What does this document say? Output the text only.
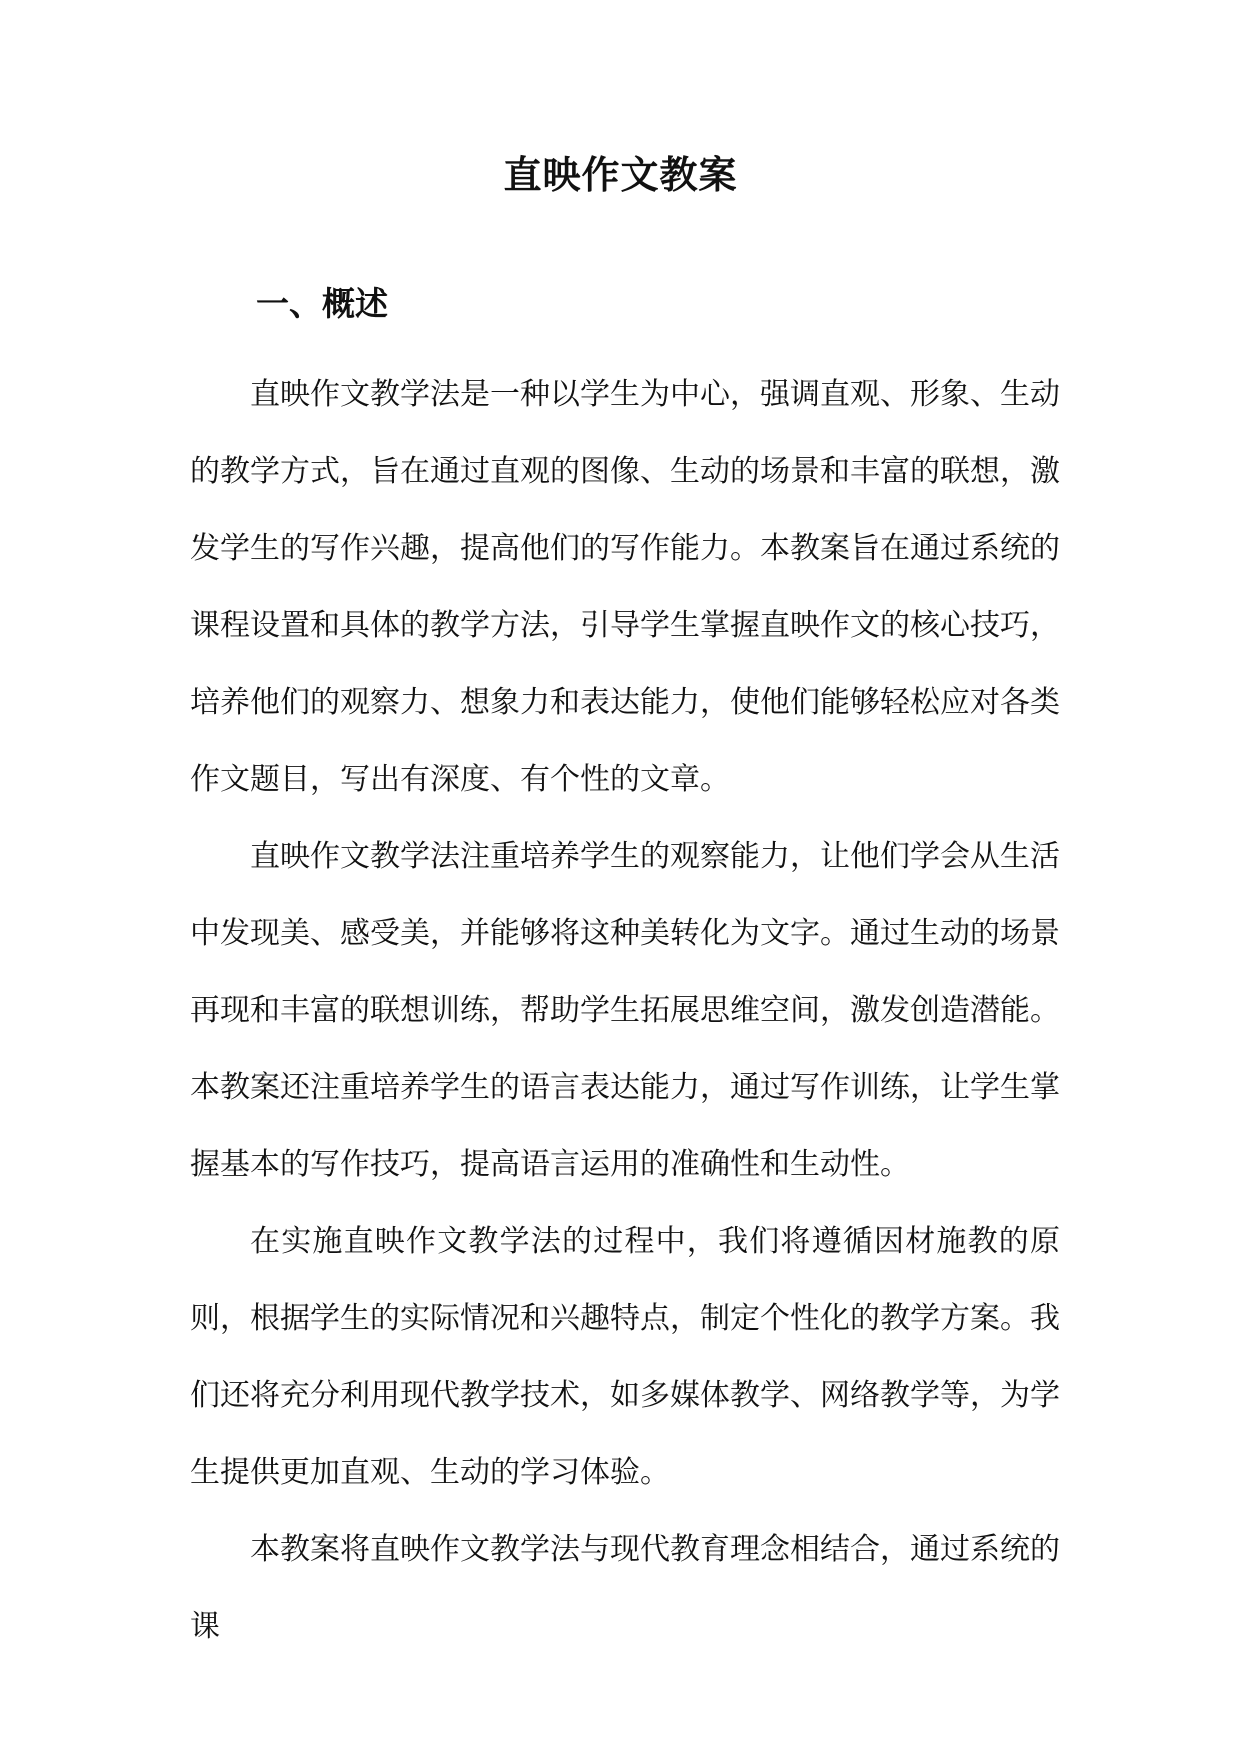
直映作文教案
一、概述

直映作文教学法是一种以学生为中心，强调直观、形象、生动的教学方式，旨在通过直观的图像、生动的场景和丰富的联想，激发学生的写作兴趣，提高他们的写作能力。本教案旨在通过系统的课程设置和具体的教学方法，引导学生掌握直映作文的核心技巧，培养他们的观察力、想象力和表达能力，使他们能够轻松应对各类作文题目，写出有深度、有个性的文章。

直映作文教学法注重培养学生的观察能力，让他们学会从生活中发现美、感受美，并能够将这种美转化为文字。通过生动的场景再现和丰富的联想训练，帮助学生拓展思维空间，激发创造潜能。本教案还注重培养学生的语言表达能力，通过写作训练，让学生掌握基本的写作技巧，提高语言运用的准确性和生动性。

在实施直映作文教学法的过程中，我们将遵循因材施教的原则，根据学生的实际情况和兴趣特点，制定个性化的教学方案。我们还将充分利用现代教学技术，如多媒体教学、网络教学等，为学生提供更加直观、生动的学习体验。

本教案将直映作文教学法与现代教育理念相结合，通过系统的课
